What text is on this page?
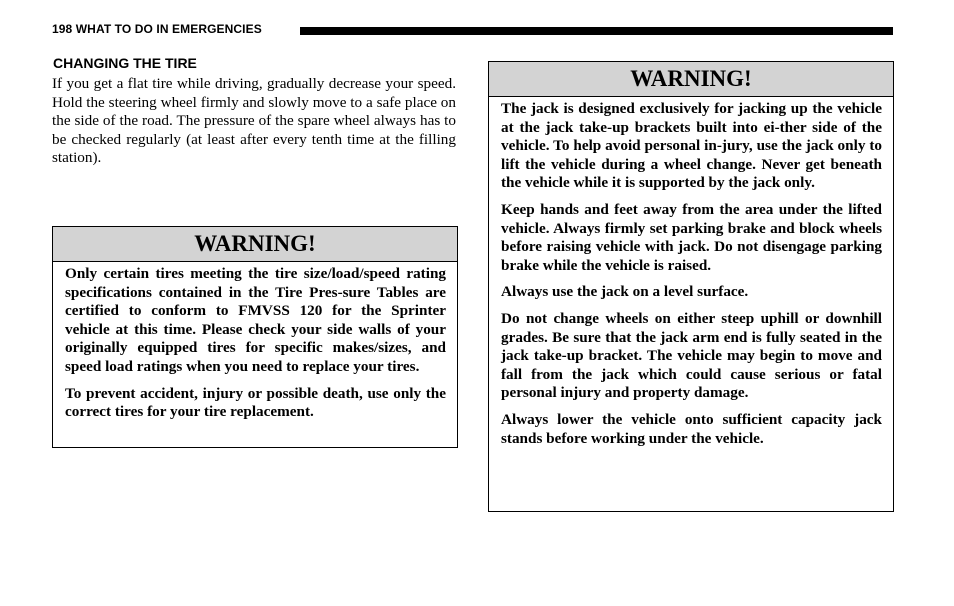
198 WHAT TO DO IN EMERGENCIES
CHANGING THE TIRE

If you get a flat tire while driving, gradually decrease your speed. Hold the steering wheel firmly and slowly move to a safe place on the side of the road. The pressure of the spare wheel always has to be checked regularly (at least after every tenth time at the filling station).

WARNING!

Only certain tires meeting the tire size/load/speed rating specifications contained in the Tire Pres-sure Tables are certified to conform to FMVSS 120 for the Sprinter vehicle at this time. Please check your side walls of your originally equipped tires for specific makes/sizes, and speed load ratings when you need to replace your tires.

To prevent accident, injury or possible death, use only the correct tires for your tire replacement.

WARNING!

The jack is designed exclusively for jacking up the vehicle at the jack take-up brackets built into ei-ther side of the vehicle. To help avoid personal in-jury, use the jack only to lift the vehicle during a wheel change. Never get beneath the vehicle while it is supported by the jack only.

Keep hands and feet away from the area under the lifted vehicle. Always firmly set parking brake and block wheels before raising vehicle with jack. Do not disengage parking brake while the vehicle is raised.

Always use the jack on a level surface.

Do not change wheels on either steep uphill or downhill grades. Be sure that the jack arm end is fully seated in the jack take-up bracket. The vehicle may begin to move and fall from the jack which could cause serious or fatal personal injury and property damage.

Always lower the vehicle onto sufficient capacity jack stands before working under the vehicle.
